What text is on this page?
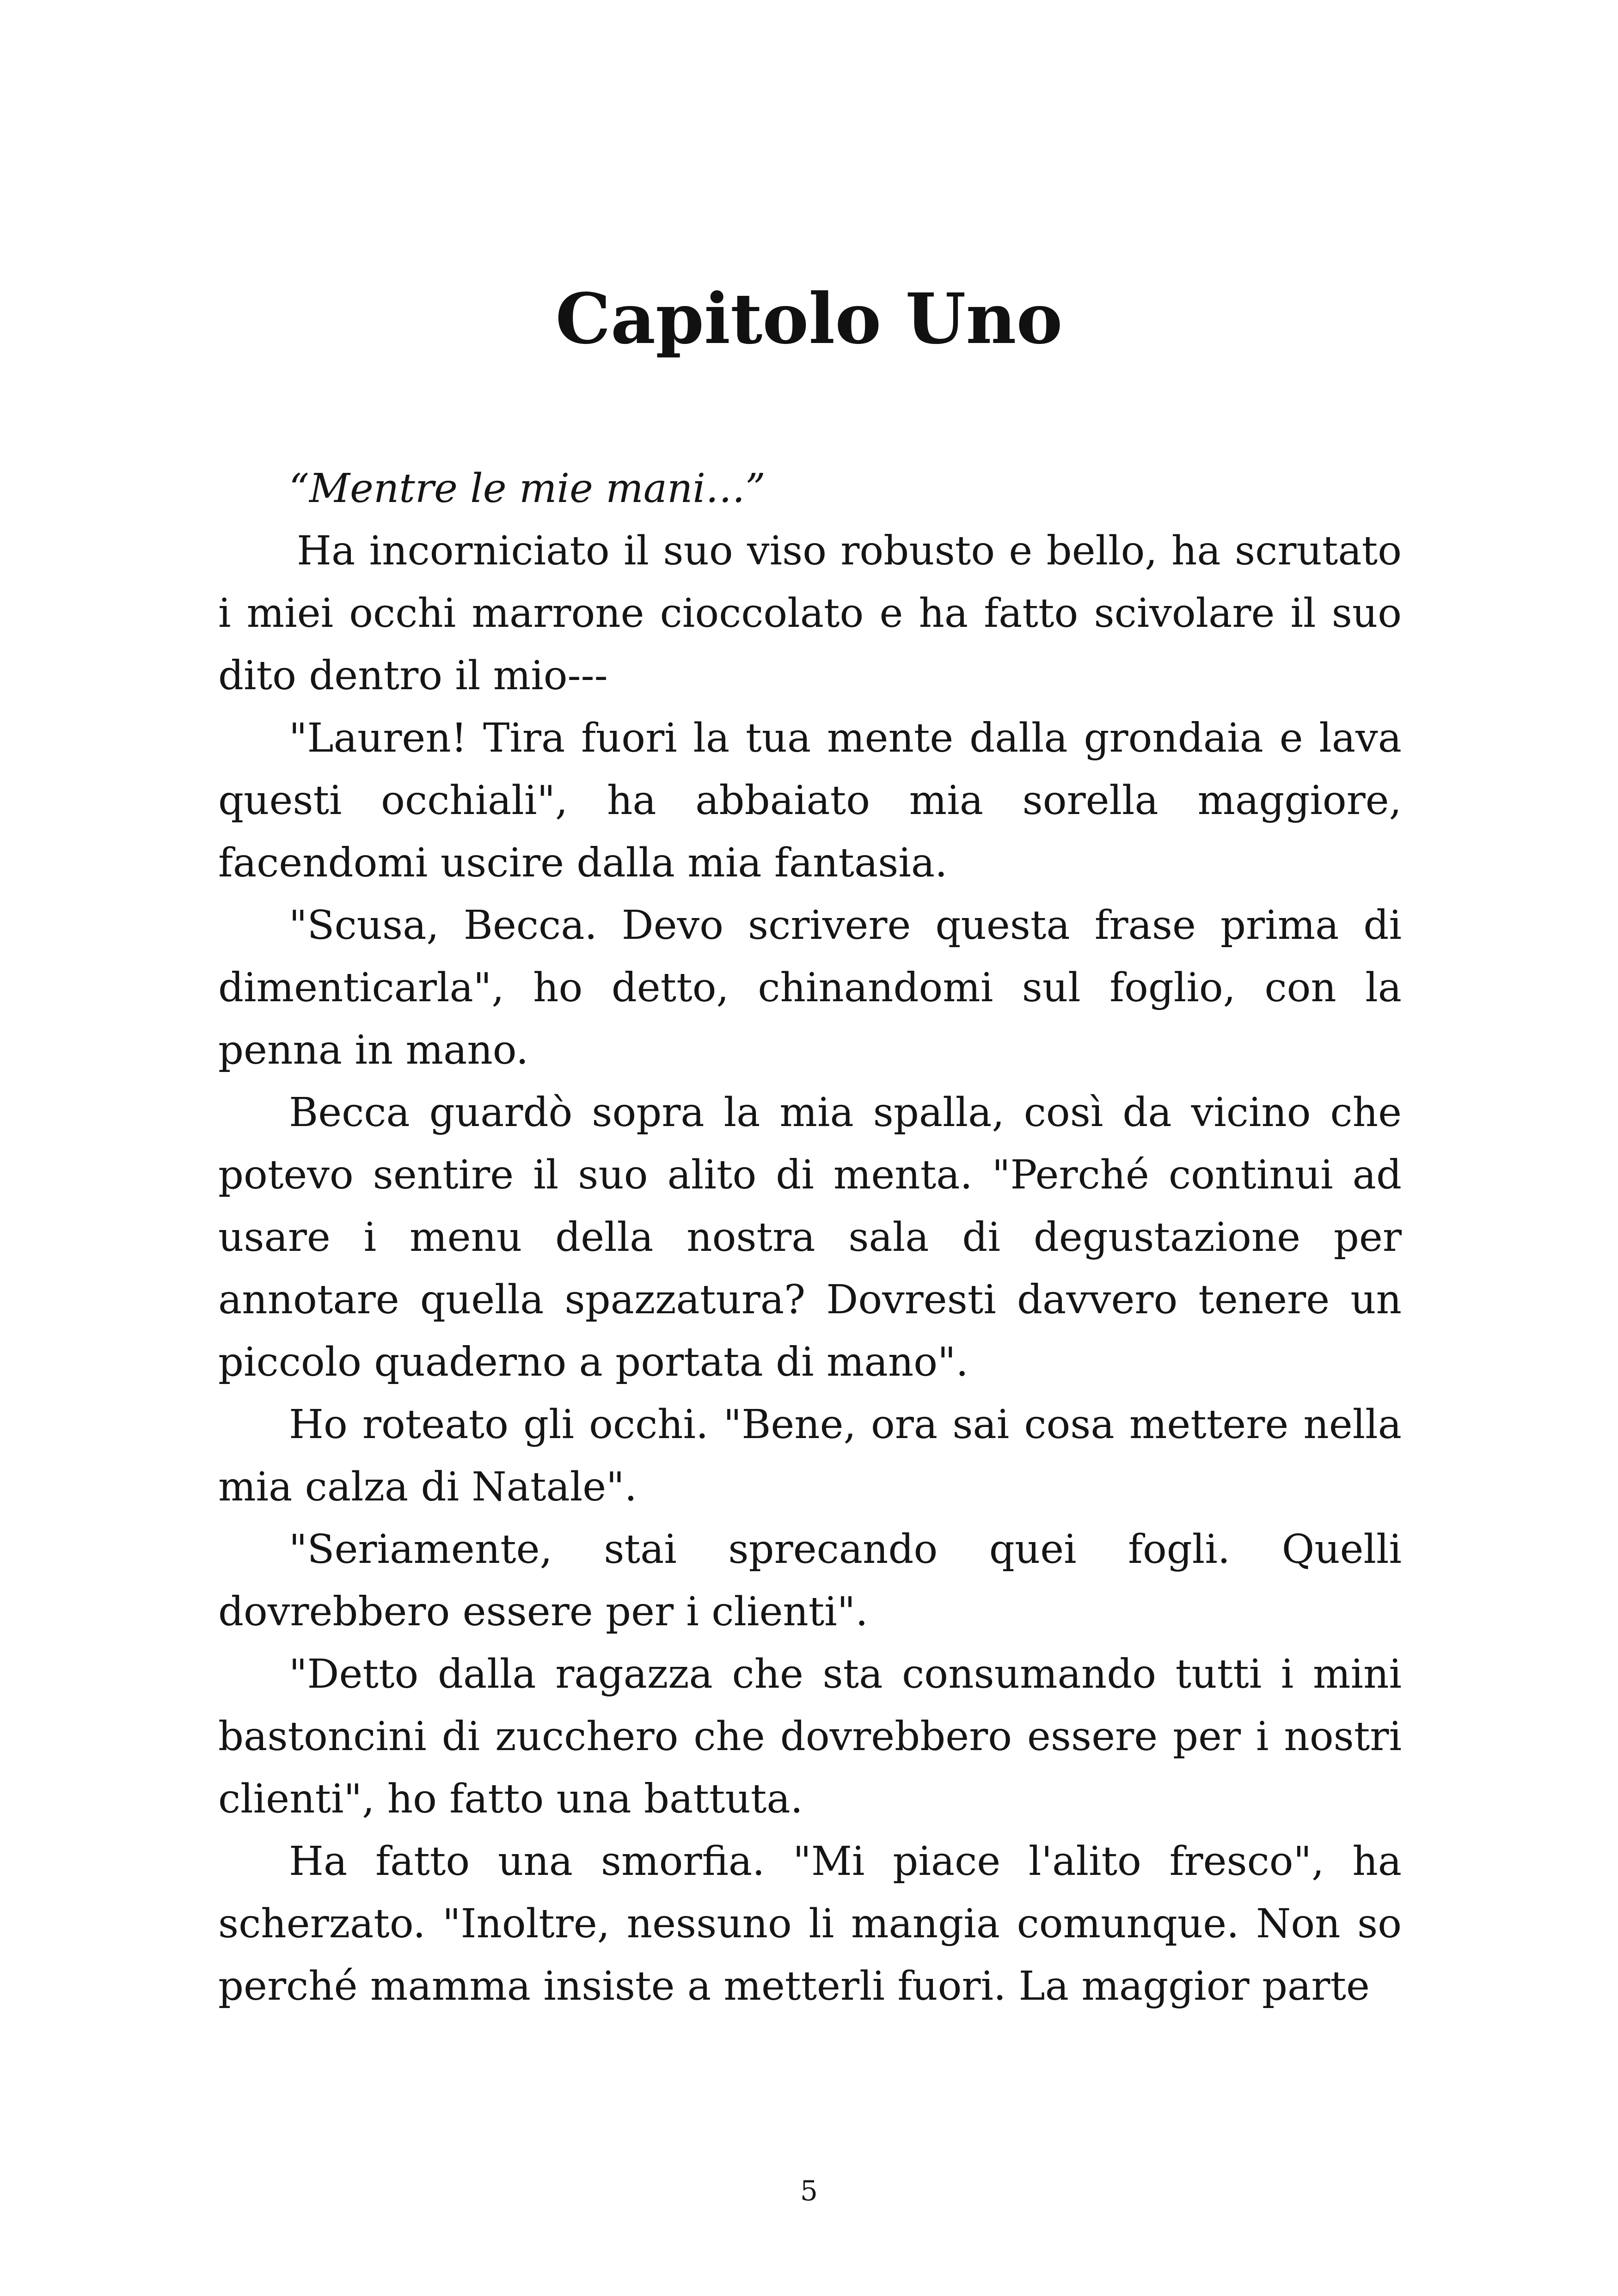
Capitolo Uno

“Mentre le mie mani…”

Ha incorniciato il suo viso robusto e bello, ha scrutato i miei occhi marrone cioccolato e ha fatto scivolare il suo dito dentro il mio---

"Lauren! Tira fuori la tua mente dalla grondaia e lava questi occhiali", ha abbaiato mia sorella maggiore, facendomi uscire dalla mia fantasia.

"Scusa, Becca. Devo scrivere questa frase prima di dimenticarla", ho detto, chinandomi sul foglio, con la penna in mano.

Becca guardò sopra la mia spalla, così da vicino che potevo sentire il suo alito di menta. "Perché continui ad usare i menu della nostra sala di degustazione per annotare quella spazzatura? Dovresti davvero tenere un piccolo quaderno a portata di mano".

Ho roteato gli occhi. "Bene, ora sai cosa mettere nella mia calza di Natale".

"Seriamente, stai sprecando quei fogli. Quelli dovrebbero essere per i clienti".

"Detto dalla ragazza che sta consumando tutti i mini bastoncini di zucchero che dovrebbero essere per i nostri clienti", ho fatto una battuta.

Ha fatto una smorfia. "Mi piace l'alito fresco", ha scherzato. "Inoltre, nessuno li mangia comunque. Non so perché mamma insiste a metterli fuori. La maggior parte

5
